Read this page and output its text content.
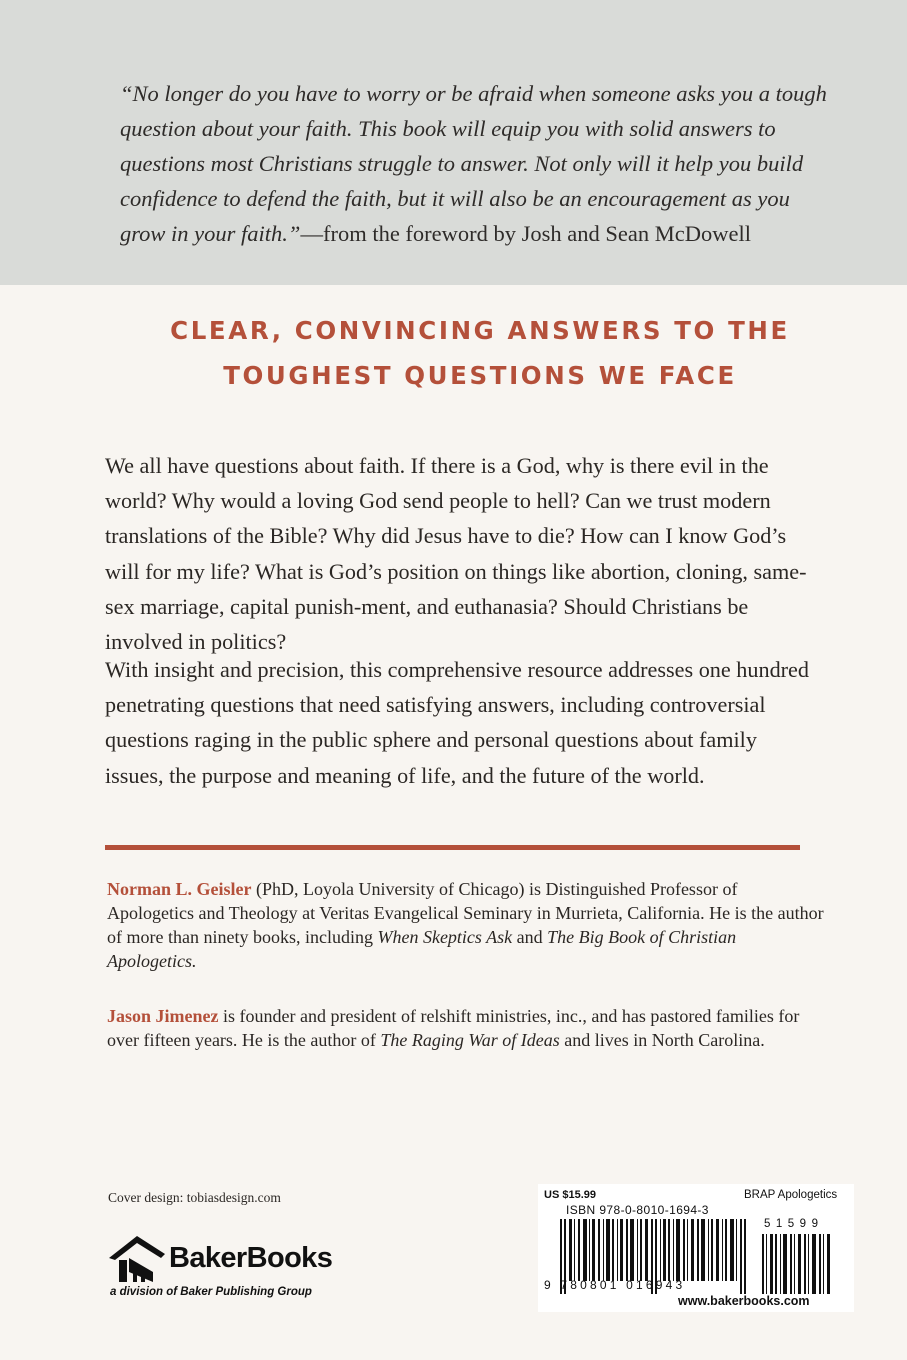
“No longer do you have to worry or be afraid when someone asks you a tough question about your faith. This book will equip you with solid answers to questions most Christians struggle to answer. Not only will it help you build confidence to defend the faith, but it will also be an encouragement as you grow in your faith.”—from the foreword by Josh and Sean McDowell

CLEAR, CONVINCING ANSWERS TO THE
TOUGHEST QUESTIONS WE FACE

We all have questions about faith. If there is a God, why is there evil in the world? Why would a loving God send people to hell? Can we trust modern translations of the Bible? Why did Jesus have to die? How can I know God’s will for my life? What is God’s position on things like abortion, cloning, same-sex marriage, capital punish-ment, and euthanasia? Should Christians be involved in politics?

With insight and precision, this comprehensive resource addresses one hundred penetrating questions that need satisfying answers, including controversial questions raging in the public sphere and personal questions about family issues, the purpose and meaning of life, and the future of the world.

Norman L. Geisler (PhD, Loyola University of Chicago) is Distinguished Professor of Apologetics and Theology at Veritas Evangelical Seminary in Murrieta, California. He is the author of more than ninety books, including When Skeptics Ask and The Big Book of Christian Apologetics.

Jason Jimenez is founder and president of relshift ministries, inc., and has pastored families for over fifteen years. He is the author of The Raging War of Ideas and lives in North Carolina.

Cover design: tobiasdesign.com
BakerBooks
a division of Baker Publishing Group
US $15.99	BRAP Apologetics
ISBN 978-0-8010-1694-3
51599
9 780801 016943
www.bakerbooks.com
